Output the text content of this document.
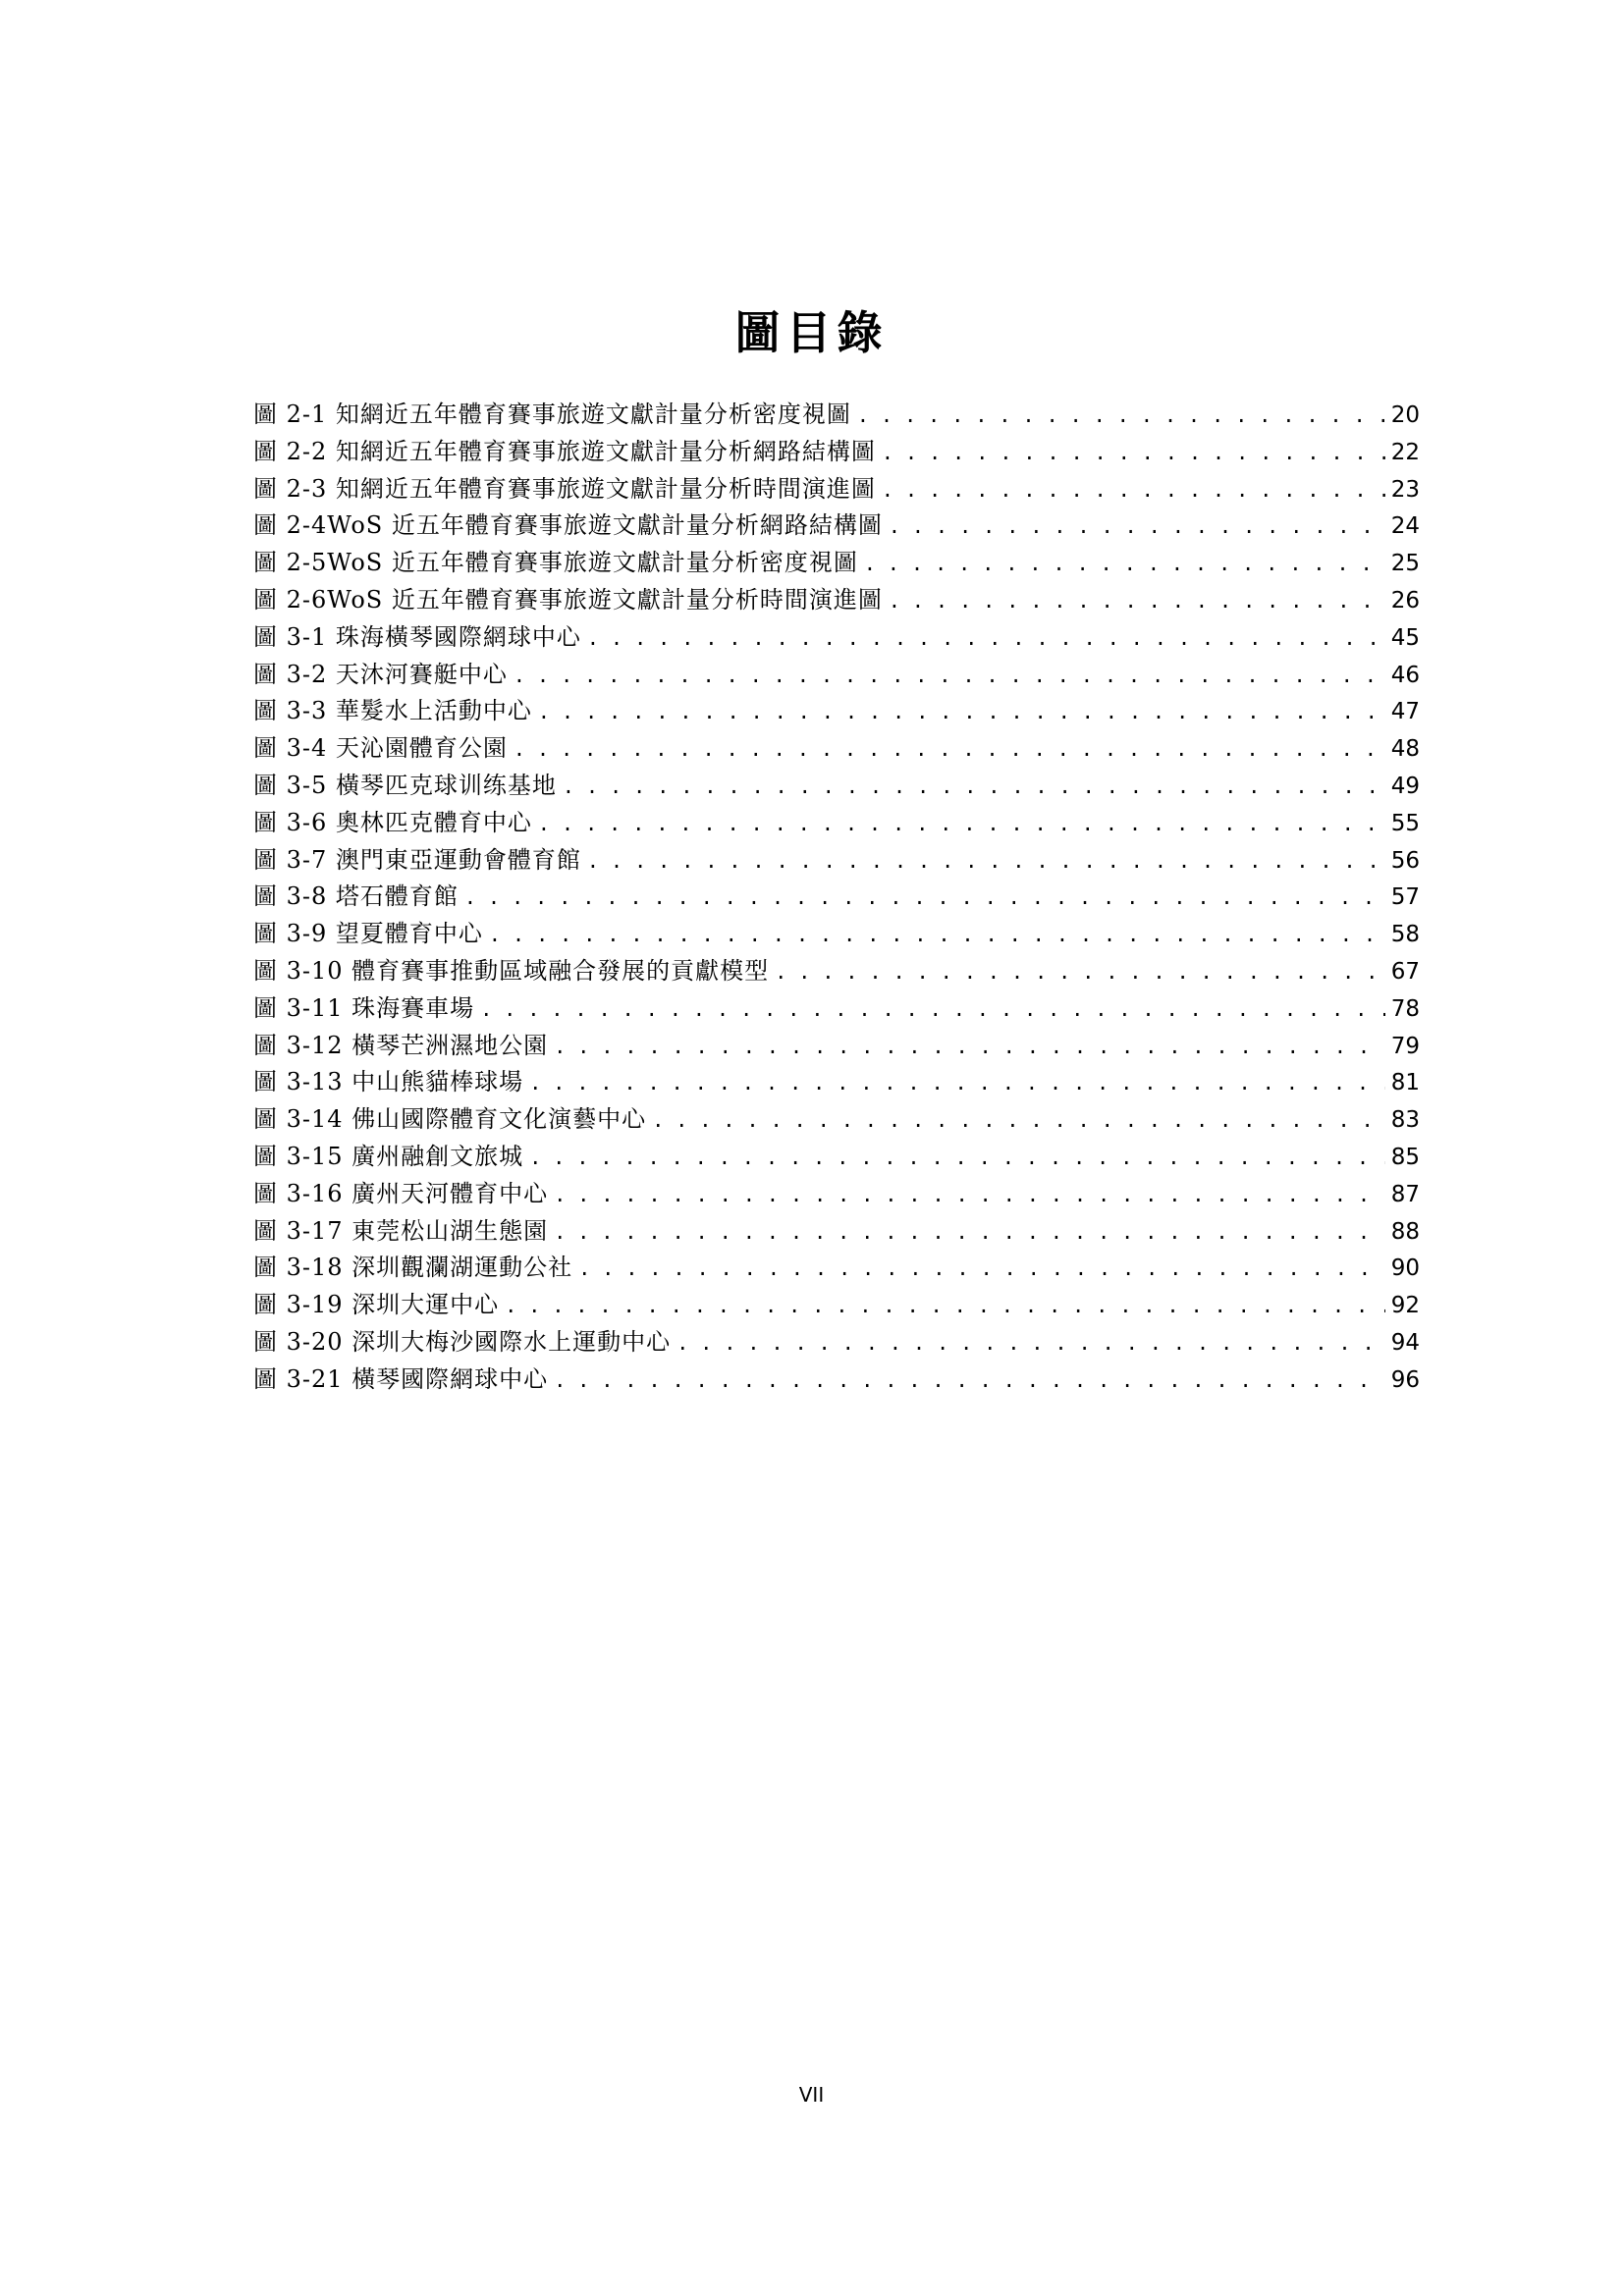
圖目錄
圖 2-1 知網近五年體育賽事旅遊文獻計量分析密度視圖 . . .	20
圖 2-2 知網近五年體育賽事旅遊文獻計量分析網路結構圖 . . .	22
圖 2-3 知網近五年體育賽事旅遊文獻計量分析時間演進圖 . . .	23
圖 2-4WoS 近五年體育賽事旅遊文獻計量分析網路結構圖 . . .	24
圖 2-5WoS 近五年體育賽事旅遊文獻計量分析密度視圖 . . .	25
圖 2-6WoS 近五年體育賽事旅遊文獻計量分析時間演進圖 . . .	26
圖 3-1 珠海橫琴國際網球中心 . . .	45
圖 3-2 天沐河賽艇中心 . . .	46
圖 3-3 華髮水上活動中心 . . .	47
圖 3-4 天沁園體育公園 . . .	48
圖 3-5 橫琴匹克球训练基地 . . .	49
圖 3-6 奧林匹克體育中心 . . .	55
圖 3-7 澳門東亞運動會體育館 . . .	56
圖 3-8 塔石體育館 . . .	57
圖 3-9 望夏體育中心 . . .	58
圖 3-10 體育賽事推動區域融合發展的貢獻模型 . . .	67
圖 3-11 珠海賽車場 . . .	78
圖 3-12 橫琴芒洲濕地公園 . . .	79
圖 3-13 中山熊貓棒球場 . . .	81
圖 3-14 佛山國際體育文化演藝中心 . . .	83
圖 3-15 廣州融創文旅城 . . .	85
圖 3-16 廣州天河體育中心 . . .	87
圖 3-17 東莞松山湖生態園 . . .	88
圖 3-18 深圳觀瀾湖運動公社 . . .	90
圖 3-19 深圳大運中心 . . .	92
圖 3-20 深圳大梅沙國際水上運動中心 . . .	94
圖 3-21 橫琴國際網球中心 . . .	96
VII
